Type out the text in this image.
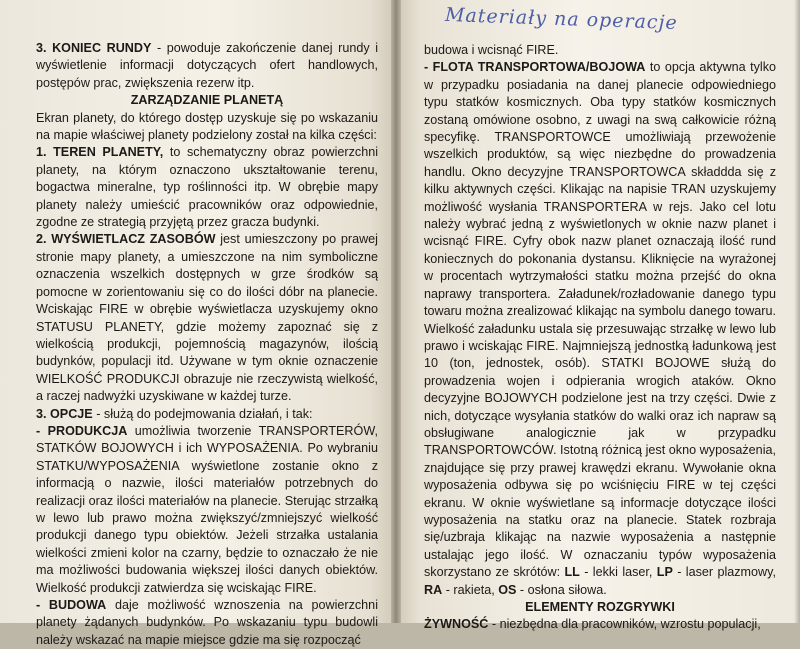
3. KONIEC RUNDY - powoduje zakończenie danej rundy i wyświetlenie informacji dotyczących ofert handlowych, postępów prac, zwiększenia rezerw itp.

ZARZĄDZANIE PLANETĄ

Ekran planety, do którego dostęp uzyskuje się po wskazaniu na mapie właściwej planety podzielony został na kilka części:

1. TEREN PLANETY, to schematyczny obraz powierzchni planety, na którym oznaczono ukształtowanie terenu, bogactwa mineralne, typ roślinności itp. W obrębie mapy planety należy umieścić pracowników oraz odpowiednie, zgodne ze strategią przyjętą przez gracza budynki.

2. WYŚWIETLACZ ZASOBÓW jest umieszczony po prawej stronie mapy planety, a umieszczone na nim symboliczne oznaczenia wszelkich dostępnych w grze środków są pomocne w zorientowaniu się co do ilości dóbr na planecie. Wciskając FIRE w obrębie wyświetlacza uzyskujemy okno STATUSU PLANETY, gdzie możemy zapoznać się z wielkością produkcji, pojemnością magazynów, ilością budynków, populacji itd. Używane w tym oknie oznaczenie WIELKOŚĆ PRODUKCJI obrazuje nie rzeczywistą wielkość, a raczej nadwyżki uzyskiwane w każdej turze.

3. OPCJE - służą do podejmowania działań, i tak:

- PRODUKCJA umożliwia tworzenie TRANSPORTERÓW, STATKÓW BOJOWYCH i ich WYPOSAŻENIA. Po wybraniu STATKU/WYPOSAŻENIA wyświetlone zostanie okno z informacją o nazwie, ilości materiałów potrzebnych do realizacji oraz ilości materiałów na planecie. Sterując strzałką w lewo lub prawo można zwiększyć/zmniejszyć wielkość produkcji danego typu obiektów. Jeżeli strzałka ustalania wielkości zmieni kolor na czarny, będzie to oznaczało że nie ma możliwości budowania większej ilości danych obiektów. Wielkość produkcji zatwierdza się wciskając FIRE.

- BUDOWA daje możliwość wznoszenia na powierzchni planety żądanych budynków. Po wskazaniu typu budowli należy wskazać na mapie miejsce gdzie ma się rozpocząć

budowa i wcisnąć FIRE.

- FLOTA TRANSPORTOWA/BOJOWA to opcja aktywna tylko w przypadku posiadania na danej planecie odpowiedniego typu statków kosmicznych. Oba typy statków kosmicznych zostaną omówione osobno, z uwagi na swą całkowicie różną specyfikę. TRANSPORTOWCE umożliwiają przewożenie wszelkich produktów, są więc niezbędne do prowadzenia handlu. Okno decyzyjne TRANSPORTOWCA składdda się z kilku aktywnych części. Klikając na napisie TRAN uzyskujemy możliwość wysłania TRANSPORTERA w rejs. Jako cel lotu należy wybrać jedną z wyświetlonych w oknie nazw planet i wcisnąć FIRE. Cyfry obok nazw planet oznaczają ilość rund koniecznych do pokonania dystansu. Kliknięcie na wyrażonej w procentach wytrzymałości statku można przejść do okna naprawy transportera. Załadunek/rozładowanie danego typu towaru można zrealizować klikając na symbolu danego towaru. Wielkość załadunku ustala się przesuwając strzałkę w lewo lub prawo i wciskając FIRE. Najmniejszą jednostką ładunkową jest 10 (ton, jednostek, osób). STATKI BOJOWE służą do prowadzenia wojen i odpierania wrogich ataków. Okno decyzyjne BOJOWYCH podzielone jest na trzy części. Dwie z nich, dotyczące wysyłania statków do walki oraz ich napraw są obsługiwane analogicznie jak w przypadku TRANSPORTOWCÓW. Istotną różnicą jest okno wyposażenia, znajdujące się przy prawej krawędzi ekranu. Wywołanie okna wyposażenia odbywa się po wciśnięciu FIRE w tej części ekranu. W oknie wyświetlane są informacje dotyczące ilości wyposażenia na statku oraz na planecie. Statek rozbraja się/uzbraja klikając na nazwie wyposażenia a następnie ustalając jego ilość. W oznaczaniu typów wyposażenia skorzystano ze skrótów: LL - lekki laser, LP - laser plazmowy, RA - rakieta, OS - osłona siłowa.

ELEMENTY ROZGRYWKI

ŻYWNOŚĆ - niezbędna dla pracowników, wzrostu populacji,

Materiały na operacje
